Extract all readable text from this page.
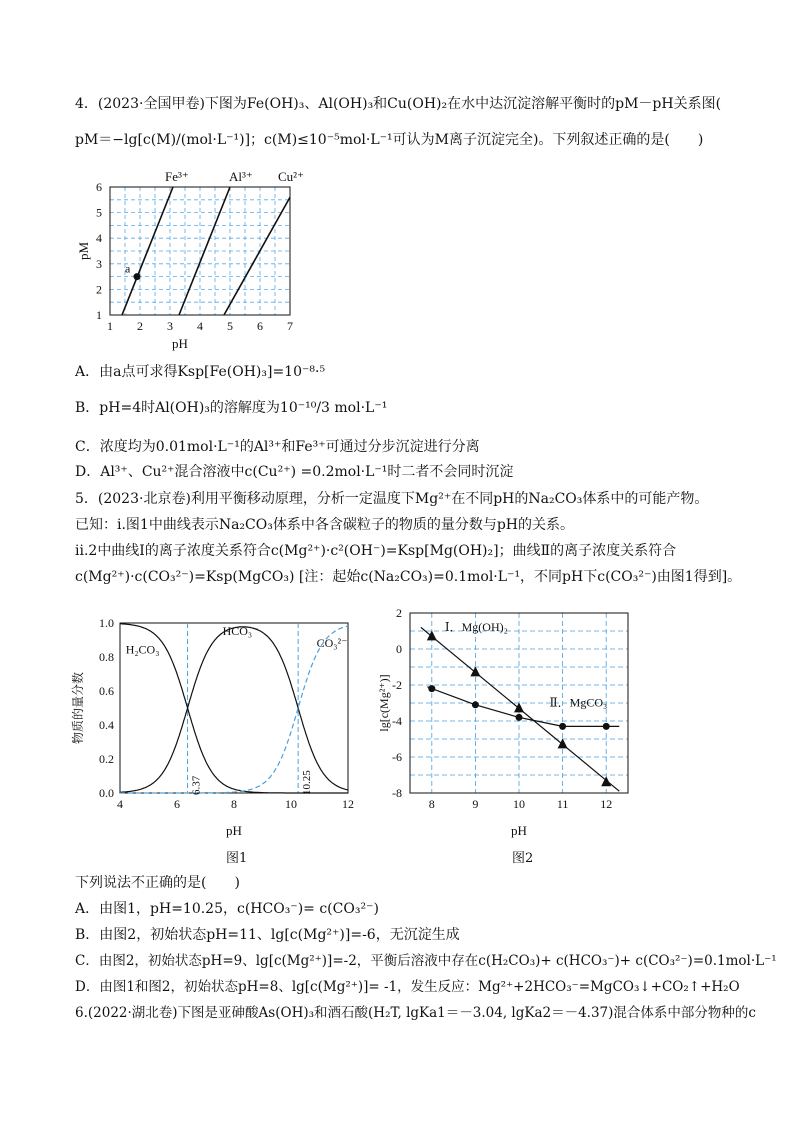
4．(2023·全国甲卷)下图为Fe(OH)₃、Al(OH)₃和Cu(OH)₂在水中达沉淀溶解平衡时的pM－pH关系图(
pM＝−lg[c(M)/(mol·L⁻¹)]；c(M)≤10⁻⁵mol·L⁻¹可认为M离子沉淀完全)。下列叙述正确的是(　　)
1 2 3 4 5 6 7
1
2
3
4
5
6
pH
pM
Fe³⁺	Al³⁺ Cu²⁺
a
A．由a点可求得Ksp[Fe(OH)₃]=10⁻⁸·⁵
B．pH=4时Al(OH)₃的溶解度为10⁻¹⁰/3 mol·L⁻¹
C．浓度均为0.01mol·L⁻¹的Al³⁺和Fe³⁺可通过分步沉淀进行分离
D．Al³⁺、Cu²⁺混合溶液中c(Cu²⁺) =0.2mol·L⁻¹时二者不会同时沉淀
5．(2023·北京卷)利用平衡移动原理，分析一定温度下Mg²⁺在不同pH的Na₂CO₃体系中的可能产物。
已知：i.图1中曲线表示Na₂CO₃体系中各含碳粒子的物质的量分数与pH的关系。
ii.2中曲线Ⅰ的离子浓度关系符合c(Mg²⁺)·c²(OH⁻)=Ksp[Mg(OH)₂]；曲线Ⅱ的离子浓度关系符合
c(Mg²⁺)·c(CO₃²⁻)=Ksp(MgCO₃) [注：起始c(Na₂CO₃)=0.1mol·L⁻¹，不同pH下c(CO₃²⁻)由图1得到]。
4	6	8	10	12
0.0
0.2
0.4
0.6
0.8
1.0
pH
物质的量分数
H₂CO₃
HCO₃⁻
CO₃²⁻
6.37	10.25
图1
8	9	10	11	12
2
0
-2
-4
-6
-8
pH
lg[c(Mg²⁺)]
Ⅰ．Mg(OH)₂
Ⅱ．MgCO₃
图2
下列说法不正确的是(　　)
A．由图1，pH=10.25，c(HCO₃⁻)= c(CO₃²⁻)
B．由图2，初始状态pH=11、lg[c(Mg²⁺)]=-6，无沉淀生成
C．由图2，初始状态pH=9、lg[c(Mg²⁺)]=-2，平衡后溶液中存在c(H₂CO₃)+ c(HCO₃⁻)+ c(CO₃²⁻)=0.1mol·L⁻¹
D．由图1和图2，初始状态pH=8、lg[c(Mg²⁺)]= -1，发生反应：Mg²⁺+2HCO₃⁻=MgCO₃↓+CO₂↑+H₂O
6.(2022·湖北卷)下图是亚砷酸As(OH)₃和酒石酸(H₂T, lgKa1＝－3.04, lgKa2＝－4.37)混合体系中部分物种的c
